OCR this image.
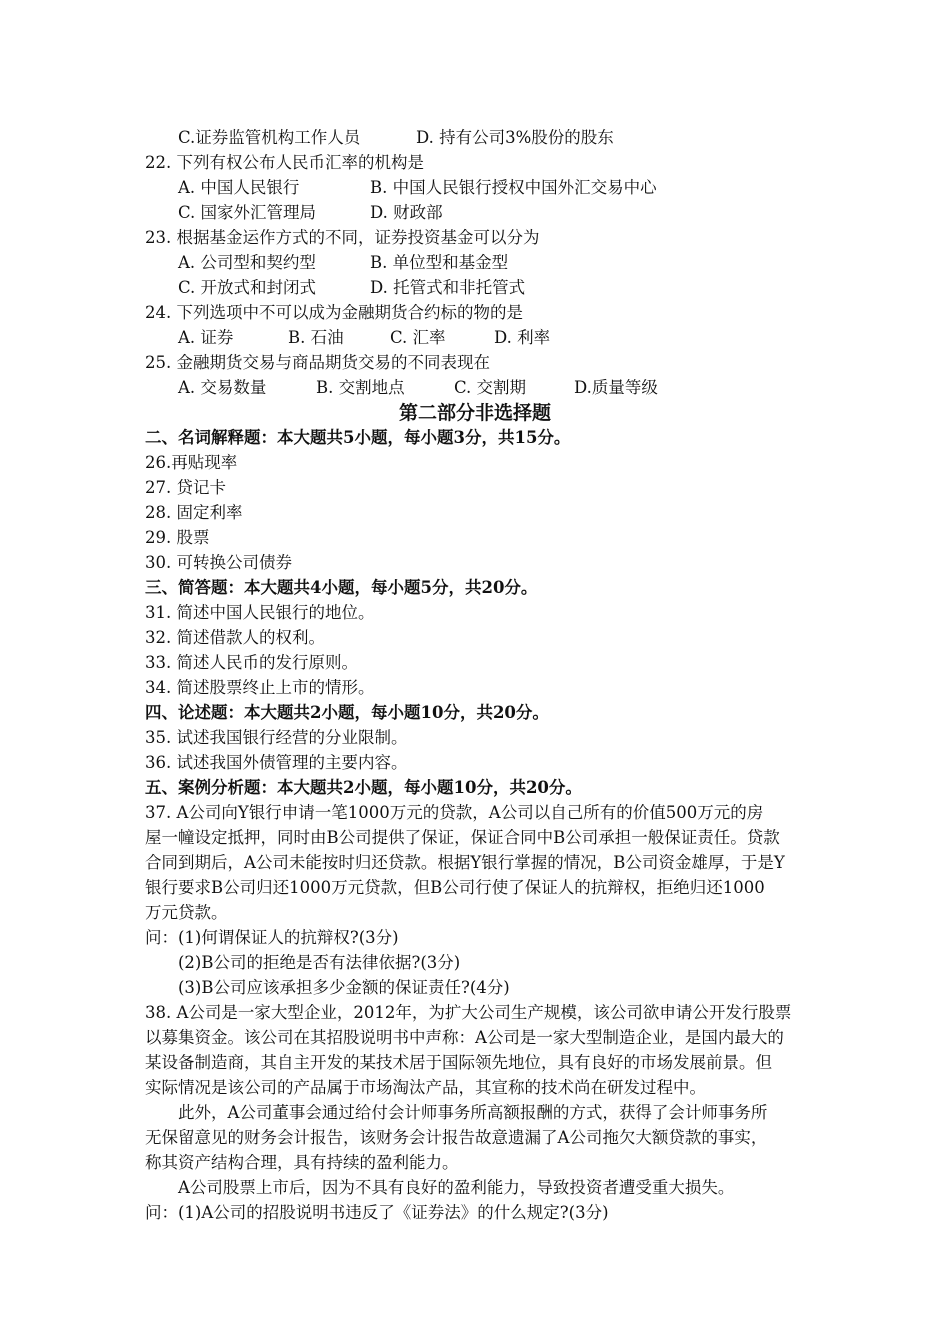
C.证券监管机构工作人员	D. 持有公司3%股份的股东
22. 下列有权公布人民币汇率的机构是
A. 中国人民银行	B. 中国人民银行授权中国外汇交易中心
C. 国家外汇管理局	D. 财政部
23. 根据基金运作方式的不同，证券投资基金可以分为
A. 公司型和契约型	B. 单位型和基金型
C. 开放式和封闭式	D. 托管式和非托管式
24. 下列选项中不可以成为金融期货合约标的物的是
A. 证券	B. 石油	C. 汇率	D. 利率
25. 金融期货交易与商品期货交易的不同表现在
A. 交易数量	B. 交割地点	C. 交割期	D.质量等级
第二部分非选择题
二、名词解释题：本大题共5小题，每小题3分，共15分。
26.再贴现率
27. 贷记卡
28. 固定利率
29. 股票
30. 可转换公司债券
三、简答题：本大题共4小题，每小题5分，共20分。
31. 简述中国人民银行的地位。
32. 简述借款人的权利。
33. 简述人民币的发行原则。
34. 简述股票终止上市的情形。
四、论述题：本大题共2小题，每小题10分，共20分。
35. 试述我国银行经营的分业限制。
36. 试述我国外债管理的主要内容。
五、案例分析题：本大题共2小题，每小题10分，共20分。
37. A公司向Y银行申请一笔1000万元的贷款，A公司以自己所有的价值500万元的房
屋一幢设定抵押，同时由B公司提供了保证，保证合同中B公司承担一般保证责任。贷款
合同到期后，A公司未能按时归还贷款。根据Y银行掌握的情况，B公司资金雄厚，于是Y
银行要求B公司归还1000万元贷款，但B公司行使了保证人的抗辩权，拒绝归还1000
万元贷款。
问：(1)何谓保证人的抗辩权?(3分)
(2)B公司的拒绝是否有法律依据?(3分)
(3)B公司应该承担多少金额的保证责任?(4分)
38. A公司是一家大型企业，2012年，为扩大公司生产规模，该公司欲申请公开发行股票
以募集资金。该公司在其招股说明书中声称：A公司是一家大型制造企业，是国内最大的
某设备制造商，其自主开发的某技术居于国际领先地位，具有良好的市场发展前景。但
实际情况是该公司的产品属于市场淘汰产品，其宣称的技术尚在研发过程中。
此外，A公司董事会通过给付会计师事务所高额报酬的方式，获得了会计师事务所
无保留意见的财务会计报告，该财务会计报告故意遗漏了A公司拖欠大额贷款的事实，
称其资产结构合理，具有持续的盈利能力。
A公司股票上市后，因为不具有良好的盈利能力，导致投资者遭受重大损失。
问：(1)A公司的招股说明书违反了《证券法》的什么规定?(3分)
